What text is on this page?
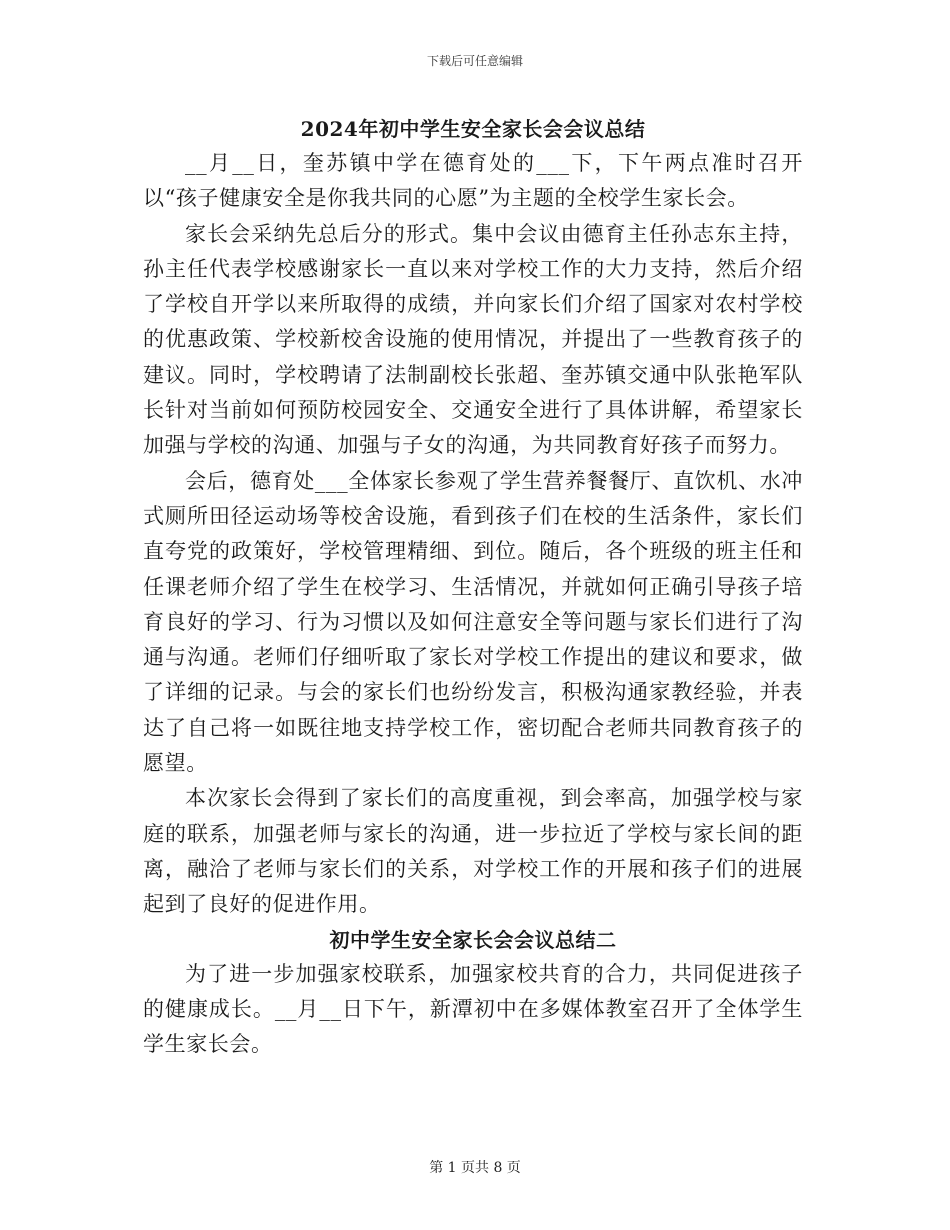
下载后可任意编辑
2024年初中学生安全家长会会议总结

__月__日，奎苏镇中学在德育处的___下，下午两点准时召开以“孩子健康安全是你我共同的心愿”为主题的全校学生家长会。

家长会采纳先总后分的形式。集中会议由德育主任孙志东主持，孙主任代表学校感谢家长一直以来对学校工作的大力支持，然后介绍了学校自开学以来所取得的成绩，并向家长们介绍了国家对农村学校的优惠政策、学校新校舍设施的使用情况，并提出了一些教育孩子的建议。同时，学校聘请了法制副校长张超、奎苏镇交通中队张艳军队长针对当前如何预防校园安全、交通安全进行了具体讲解，希望家长加强与学校的沟通、加强与子女的沟通，为共同教育好孩子而努力。

会后，德育处___全体家长参观了学生营养餐餐厅、直饮机、水冲式厕所田径运动场等校舍设施，看到孩子们在校的生活条件，家长们直夸党的政策好，学校管理精细、到位。随后，各个班级的班主任和任课老师介绍了学生在校学习、生活情况，并就如何正确引导孩子培育良好的学习、行为习惯以及如何注意安全等问题与家长们进行了沟通与沟通。老师们仔细听取了家长对学校工作提出的建议和要求，做了详细的记录。与会的家长们也纷纷发言，积极沟通家教经验，并表达了自己将一如既往地支持学校工作，密切配合老师共同教育孩子的愿望。

本次家长会得到了家长们的高度重视，到会率高，加强学校与家庭的联系，加强老师与家长的沟通，进一步拉近了学校与家长间的距离，融洽了老师与家长们的关系，对学校工作的开展和孩子们的进展起到了良好的促进作用。

初中学生安全家长会会议总结二

为了进一步加强家校联系，加强家校共育的合力，共同促进孩子的健康成长。__月__日下午，新潭初中在多媒体教室召开了全体学生学生家长会。

第 1 页共 8 页
